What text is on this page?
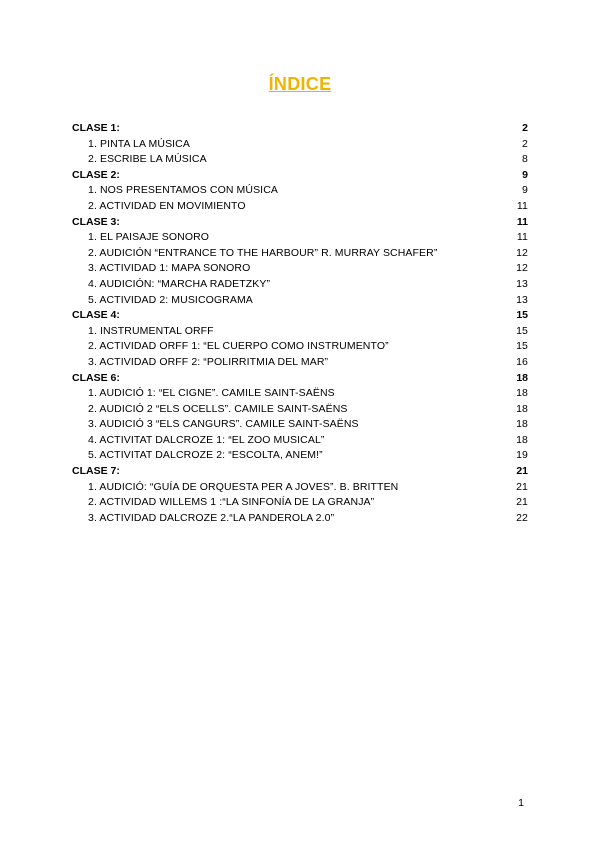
ÍNDICE
CLASE 1:	2
1. PINTA LA MÚSICA	2
2. ESCRIBE LA MÚSICA	8
CLASE 2:	9
1. NOS PRESENTAMOS CON MÚSICA	9
2. ACTIVIDAD EN MOVIMIENTO	11
CLASE 3:	11
1. EL PAISAJE SONORO	11
2. AUDICIÓN “ENTRANCE TO THE HARBOUR” R. MURRAY SCHAFER”	12
3. ACTIVIDAD 1: MAPA SONORO	12
4. AUDICIÓN: “MARCHA RADETZKY”	13
5. ACTIVIDAD 2: MUSICOGRAMA	13
CLASE 4:	15
1. INSTRUMENTAL ORFF	15
2. ACTIVIDAD ORFF 1: “EL CUERPO COMO INSTRUMENTO”	15
3. ACTIVIDAD ORFF 2: “POLIRRITMIA DEL MAR”	16
CLASE 6:	18
1. AUDICIÓ 1: “EL CIGNE”. CAMILE SAINT-SAËNS	18
2. AUDICIÓ 2 “ELS OCELLS”. CAMILE SAINT-SAËNS	18
3. AUDICIÓ 3 “ELS CANGURS”. CAMILE SAINT-SAËNS	18
4. ACTIVITAT DALCROZE 1: “EL ZOO MUSICAL”	18
5. ACTIVITAT DALCROZE 2: “ESCOLTA, ANEM!”	19
CLASE 7:	21
1. AUDICIÓ: “GUÍA DE ORQUESTA PER A JOVES”. B. BRITTEN	21
2. ACTIVIDAD WILLEMS 1 :“LA SINFONÍA DE LA GRANJA”	21
3. ACTIVIDAD DALCROZE 2.“LA PANDEROLA 2.0”	22
1
